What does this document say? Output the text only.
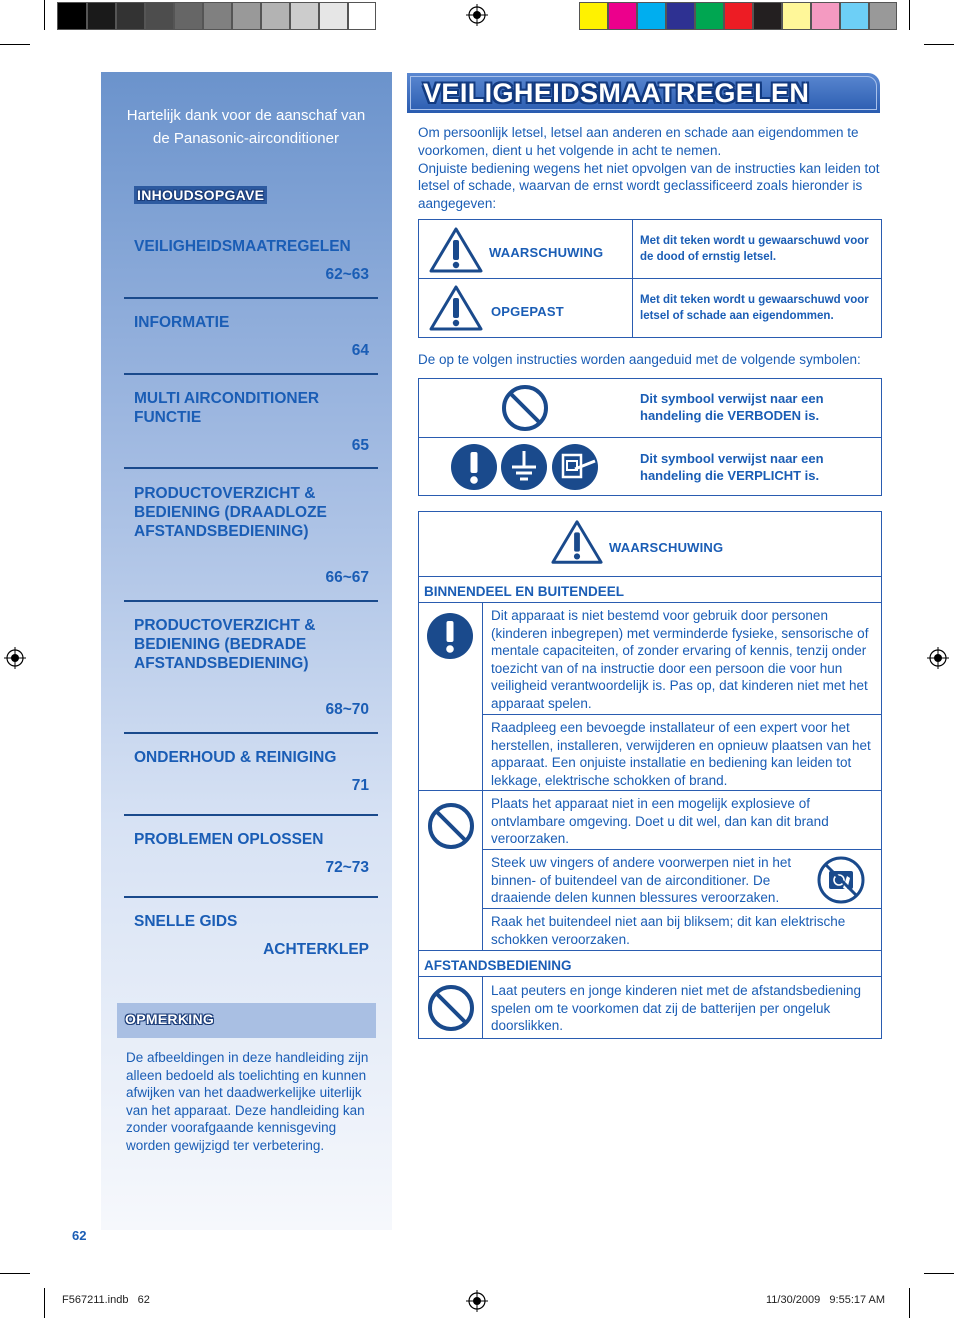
Hartelijk dank voor de aanschaf van de Panasonic-airconditioner
INHOUDSOPGAVE
VEILIGHEIDSMAATREGELEN
62~63
INFORMATIE
64
MULTI AIRCONDITIONER FUNCTIE
65
PRODUCTOVERZICHT & BEDIENING (DRAADLOZE AFSTANDSBEDIENING)
66~67
PRODUCTOVERZICHT & BEDIENING (BEDRADE AFSTANDSBEDIENING)
68~70
ONDERHOUD & REINIGING
71
PROBLEMEN OPLOSSEN
72~73
SNELLE GIDS
ACHTERKLEP
OPMERKING
De afbeeldingen in deze handleiding zijn alleen bedoeld als toelichting en kunnen afwijken van het daadwerkelijke uiterlijk van het apparaat. Deze handleiding kan zonder voorafgaande kennisgeving worden gewijzigd ter verbetering.
VEILIGHEIDSMAATREGELEN
Om persoonlijk letsel, letsel aan anderen en schade aan eigendommen te voorkomen, dient u het volgende in acht te nemen.
Onjuiste bediening wegens het niet opvolgen van de instructies kan leiden tot letsel of schade, waarvan de ernst wordt geclassificeerd zoals hieronder is aangegeven:
WAARSCHUWING
Met dit teken wordt u gewaarschuwd voor de dood of ernstig letsel.
OPGEPAST
Met dit teken wordt u gewaarschuwd voor letsel of schade aan eigendommen.
De op te volgen instructies worden aangeduid met de volgende symbolen:
Dit symbool verwijst naar een handeling die VERBODEN is.
Dit symbool verwijst naar een handeling die VERPLICHT is.
WAARSCHUWING
BINNENDEEL EN BUITENDEEL
Dit apparaat is niet bestemd voor gebruik door personen (kinderen inbegrepen) met verminderde fysieke, sensorische of mentale capaciteiten, of zonder ervaring of kennis, tenzij onder toezicht van of na instructie door een persoon die voor hun veiligheid verantwoordelijk is. Pas op, dat kinderen niet met het apparaat spelen.
Raadpleeg een bevoegde installateur of een expert voor het herstellen, installeren, verwijderen en opnieuw plaatsen van het apparaat. Een onjuiste installatie en bediening kan leiden tot lekkage, elektrische schokken of brand.
Plaats het apparaat niet in een mogelijk explosieve of ontvlambare omgeving. Doet u dit wel, dan kan dit brand veroorzaken.
Steek uw vingers of andere voorwerpen niet in het binnen- of buitendeel van de airconditioner. De draaiende delen kunnen blessures veroorzaken.
Raak het buitendeel niet aan bij bliksem; dit kan elektrische schokken veroorzaken.
AFSTANDSBEDIENING
Laat peuters en jonge kinderen niet met de afstandsbediening spelen om te voorkomen dat zij de batterijen per ongeluk doorslikken.
62
F567211.indb   62	11/30/2009   9:55:17 AM
